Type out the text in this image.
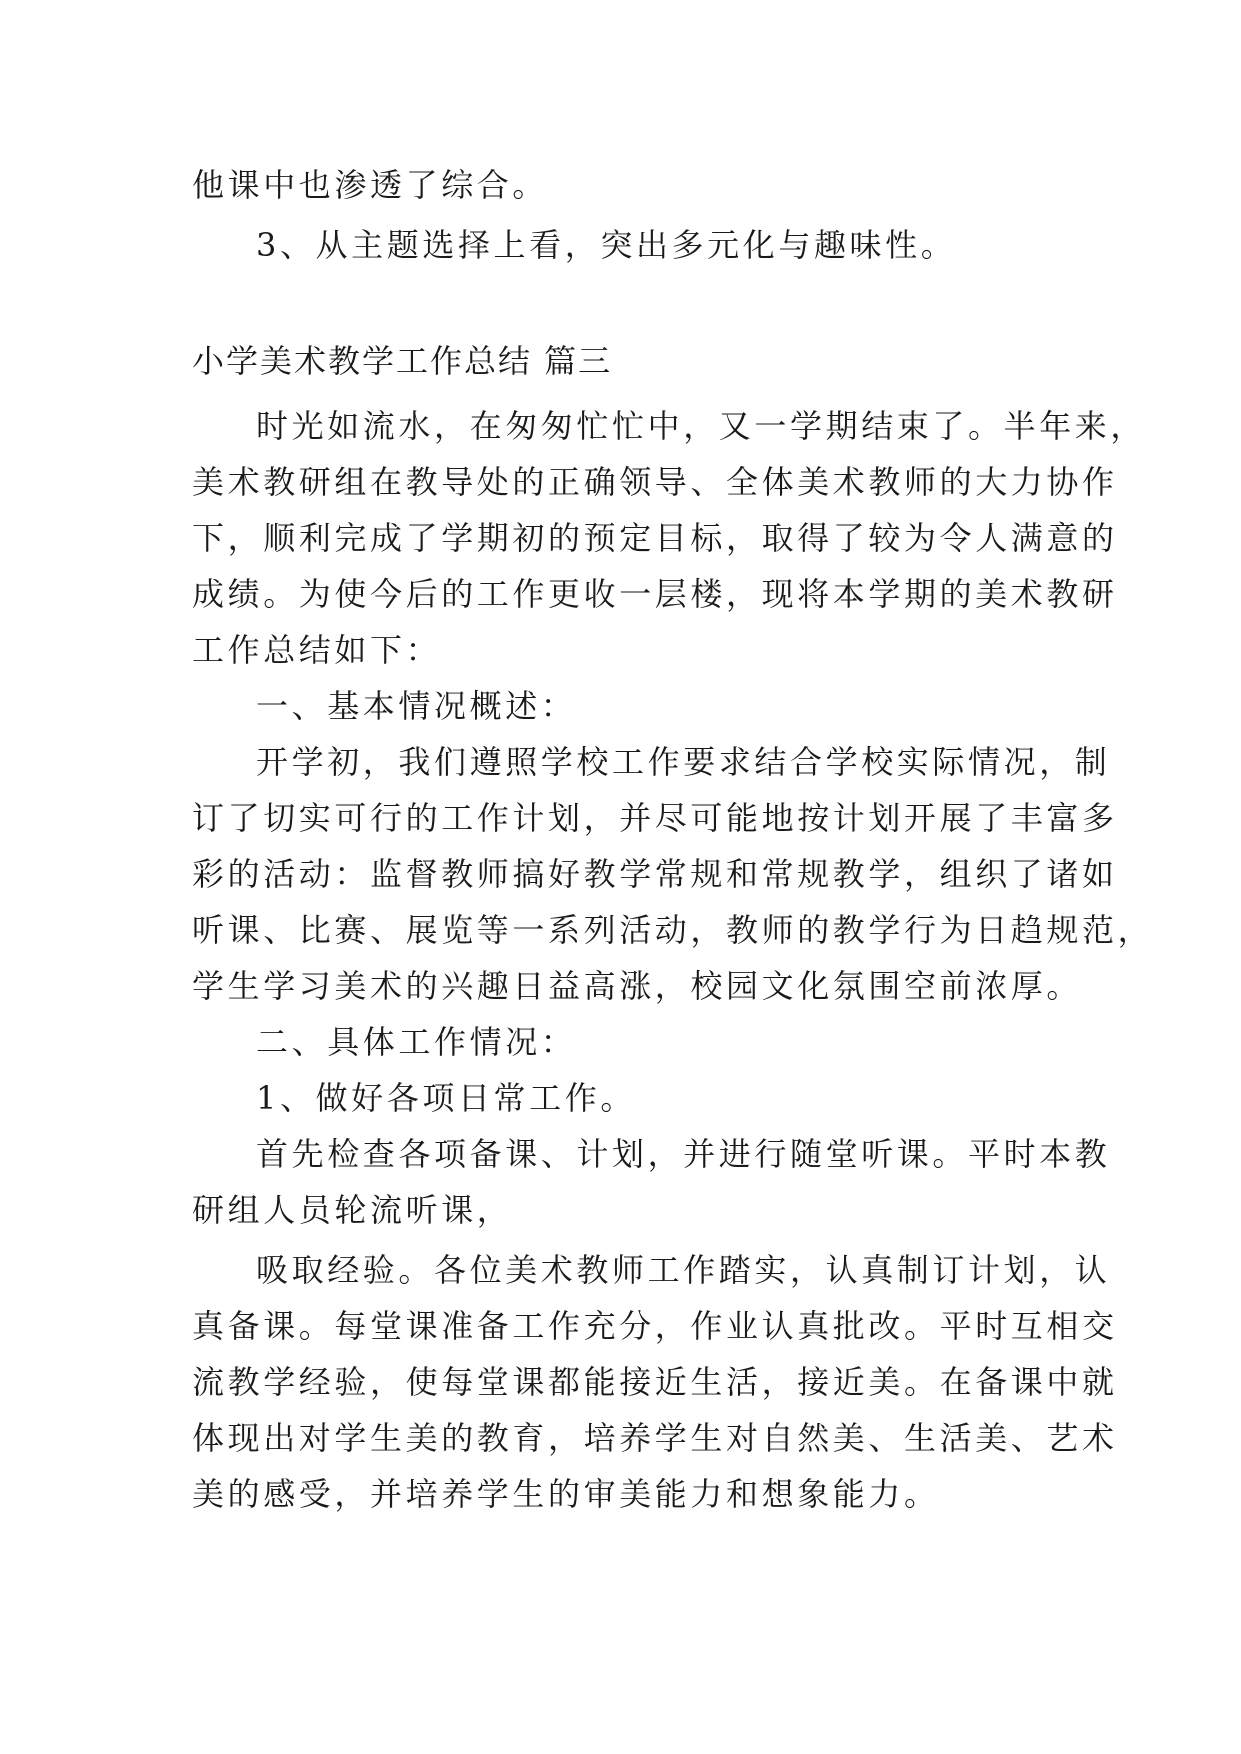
他课中也渗透了综合。
3、从主题选择上看，突出多元化与趣味性。
小学美术教学工作总结 篇三
时光如流水，在匆匆忙忙中，又一学期结束了。半年来，
美术教研组在教导处的正确领导、全体美术教师的大力协作
下，顺利完成了学期初的预定目标，取得了较为令人满意的
成绩。为使今后的工作更收一层楼，现将本学期的美术教研
工作总结如下：
一、基本情况概述：
开学初，我们遵照学校工作要求结合学校实际情况，制
订了切实可行的工作计划，并尽可能地按计划开展了丰富多
彩的活动：监督教师搞好教学常规和常规教学，组织了诸如
听课、比赛、展览等一系列活动，教师的教学行为日趋规范，
学生学习美术的兴趣日益高涨，校园文化氛围空前浓厚。
二、具体工作情况：
1、做好各项日常工作。
首先检查各项备课、计划，并进行随堂听课。平时本教
研组人员轮流听课，
吸取经验。各位美术教师工作踏实，认真制订计划，认
真备课。每堂课准备工作充分，作业认真批改。平时互相交
流教学经验，使每堂课都能接近生活，接近美。在备课中就
体现出对学生美的教育，培养学生对自然美、生活美、艺术
美的感受，并培养学生的审美能力和想象能力。
